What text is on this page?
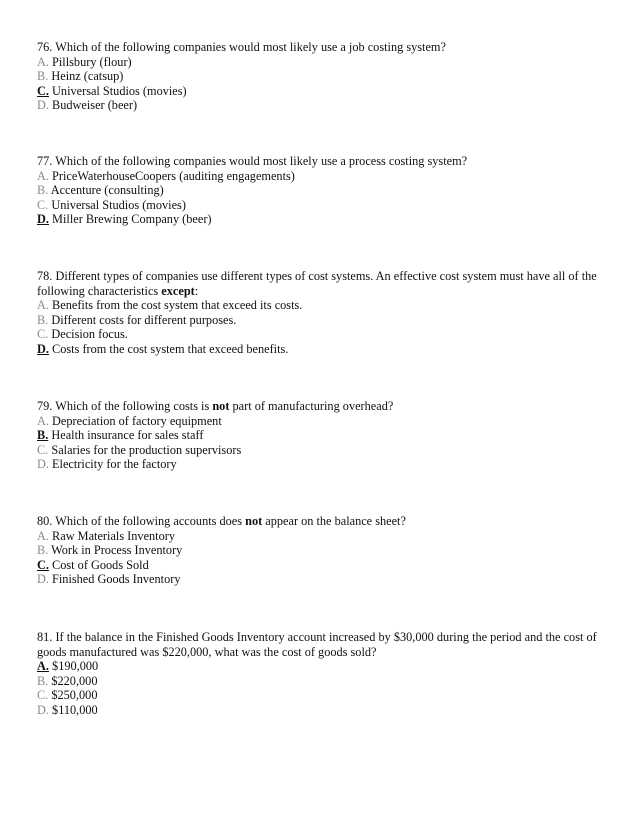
76. Which of the following companies would most likely use a job costing system?

A. Pillsbury (flour)

B. Heinz (catsup)

C. Universal Studios (movies)

D. Budweiser (beer)

77. Which of the following companies would most likely use a process costing system?

A. PriceWaterhouseCoopers (auditing engagements)

B. Accenture (consulting)

C. Universal Studios (movies)

D. Miller Brewing Company (beer)

78. Different types of companies use different types of cost systems. An effective cost system must have all of the following characteristics except:

A. Benefits from the cost system that exceed its costs.

B. Different costs for different purposes.

C. Decision focus.

D. Costs from the cost system that exceed benefits.

79. Which of the following costs is not part of manufacturing overhead?

A. Depreciation of factory equipment

B. Health insurance for sales staff

C. Salaries for the production supervisors

D. Electricity for the factory

80. Which of the following accounts does not appear on the balance sheet?

A. Raw Materials Inventory

B. Work in Process Inventory

C. Cost of Goods Sold

D. Finished Goods Inventory

81. If the balance in the Finished Goods Inventory account increased by $30,000 during the period and the cost of goods manufactured was $220,000, what was the cost of goods sold?

A. $190,000

B. $220,000

C. $250,000

D. $110,000
